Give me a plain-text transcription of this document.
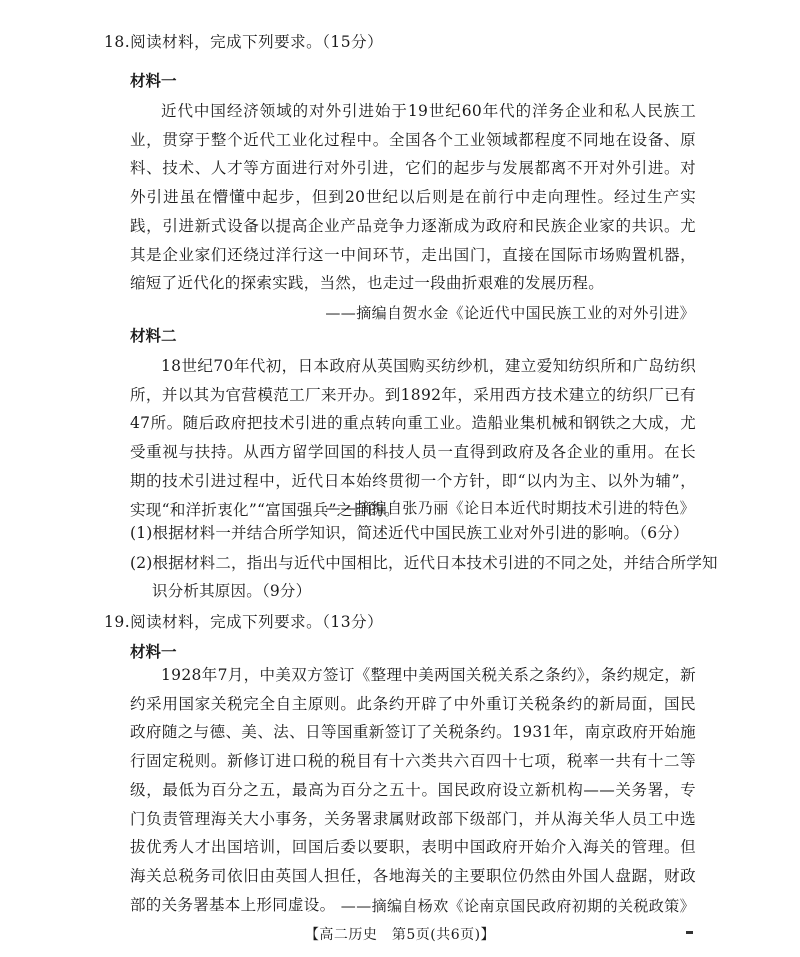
18.阅读材料，完成下列要求。（15分）
材料一

近代中国经济领域的对外引进始于19世纪60年代的洋务企业和私人民族工业，贯穿于整个近代工业化过程中。全国各个工业领域都程度不同地在设备、原料、技术、人才等方面进行对外引进，它们的起步与发展都离不开对外引进。对外引进虽在懵懂中起步，但到20世纪以后则是在前行中走向理性。经过生产实践，引进新式设备以提高企业产品竞争力逐渐成为政府和民族企业家的共识。尤其是企业家们还绕过洋行这一中间环节，走出国门，直接在国际市场购置机器，缩短了近代化的探索实践，当然，也走过一段曲折艰难的发展历程。

——摘编自贺水金《论近代中国民族工业的对外引进》
材料二

18世纪70年代初，日本政府从英国购买纺纱机，建立爱知纺织所和广岛纺织所，并以其为官营模范工厂来开办。到1892年，采用西方技术建立的纺织厂已有47所。随后政府把技术引进的重点转向重工业。造船业集机械和钢铁之大成，尤受重视与扶持。从西方留学回国的科技人员一直得到政府及各企业的重用。在长期的技术引进过程中，近代日本始终贯彻一个方针，即“以内为主、以外为辅”，实现“和洋折衷化”“富国强兵”之目的。

——摘编自张乃丽《论日本近代时期技术引进的特色》

(1)根据材料一并结合所学知识，简述近代中国民族工业对外引进的影响。（6分）

(2)根据材料二，指出与近代中国相比，近代日本技术引进的不同之处，并结合所学知识分析其原因。（9分）

19.阅读材料，完成下列要求。（13分）
材料一

1928年7月，中美双方签订《整理中美两国关税关系之条约》，条约规定，新约采用国家关税完全自主原则。此条约开辟了中外重订关税条约的新局面，国民政府随之与德、美、法、日等国重新签订了关税条约。1931年，南京政府开始施行固定税则。新修订进口税的税目有十六类共六百四十七项，税率一共有十二等级，最低为百分之五，最高为百分之五十。国民政府设立新机构——关务署，专门负责管理海关大小事务，关务署隶属财政部下级部门，并从海关华人员工中选拔优秀人才出国培训，回国后委以要职，表明中国政府开始介入海关的管理。但海关总税务司依旧由英国人担任，各地海关的主要职位仍然由外国人盘踞，财政部的关务署基本上形同虚设。 ——摘编自杨欢《论南京国民政府初期的关税政策》
【高二历史　第5页(共6页)】
